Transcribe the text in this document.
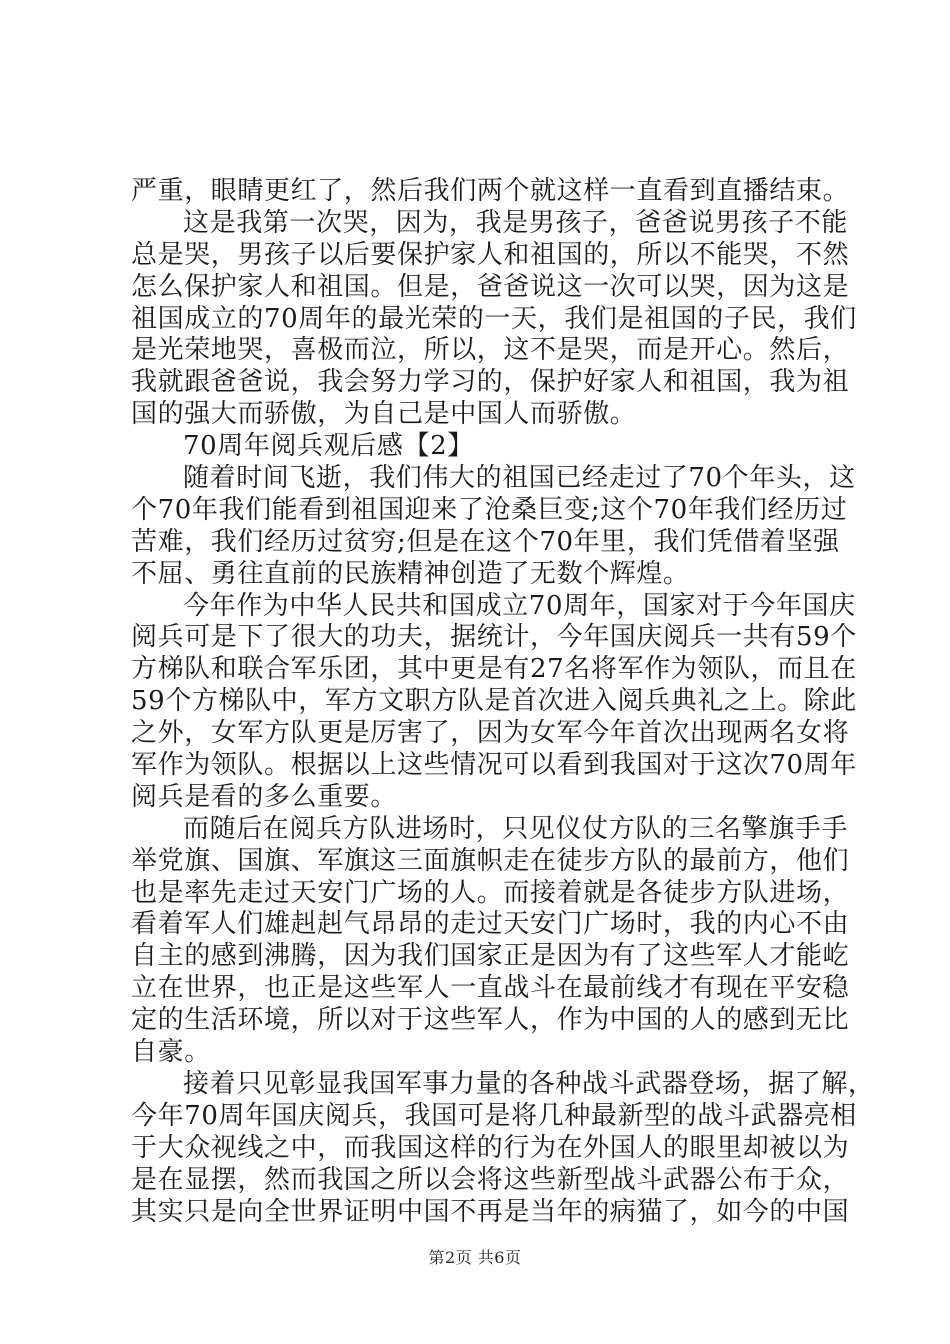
严重，眼睛更红了，然后我们两个就这样一直看到直播结束。
这是我第一次哭，因为，我是男孩子，爸爸说男孩子不能
总是哭，男孩子以后要保护家人和祖国的，所以不能哭，不然
怎么保护家人和祖国。但是，爸爸说这一次可以哭，因为这是
祖国成立的70周年的最光荣的一天，我们是祖国的子民，我们
是光荣地哭，喜极而泣，所以，这不是哭，而是开心。然后，
我就跟爸爸说，我会努力学习的，保护好家人和祖国，我为祖
国的强大而骄傲，为自己是中国人而骄傲。
70周年阅兵观后感【2】
随着时间飞逝，我们伟大的祖国已经走过了70个年头，这
个70年我们能看到祖国迎来了沧桑巨变;这个70年我们经历过
苦难，我们经历过贫穷;但是在这个70年里，我们凭借着坚强
不屈、勇往直前的民族精神创造了无数个辉煌。
今年作为中华人民共和国成立70周年，国家对于今年国庆
阅兵可是下了很大的功夫，据统计，今年国庆阅兵一共有59个
方梯队和联合军乐团，其中更是有27名将军作为领队，而且在
59个方梯队中，军方文职方队是首次进入阅兵典礼之上。除此
之外，女军方队更是厉害了，因为女军今年首次出现两名女将
军作为领队。根据以上这些情况可以看到我国对于这次70周年
阅兵是看的多么重要。
而随后在阅兵方队进场时，只见仪仗方队的三名擎旗手手
举党旗、国旗、军旗这三面旗帜走在徒步方队的最前方，他们
也是率先走过天安门广场的人。而接着就是各徒步方队进场，
看着军人们雄赳赳气昂昂的走过天安门广场时，我的内心不由
自主的感到沸腾，因为我们国家正是因为有了这些军人才能屹
立在世界，也正是这些军人一直战斗在最前线才有现在平安稳
定的生活环境，所以对于这些军人，作为中国的人的感到无比
自豪。
接着只见彰显我国军事力量的各种战斗武器登场，据了解，
今年70周年国庆阅兵，我国可是将几种最新型的战斗武器亮相
于大众视线之中，而我国这样的行为在外国人的眼里却被以为
是在显摆，然而我国之所以会将这些新型战斗武器公布于众，
其实只是向全世界证明中国不再是当年的病猫了，如今的中国
第2页 共6页
